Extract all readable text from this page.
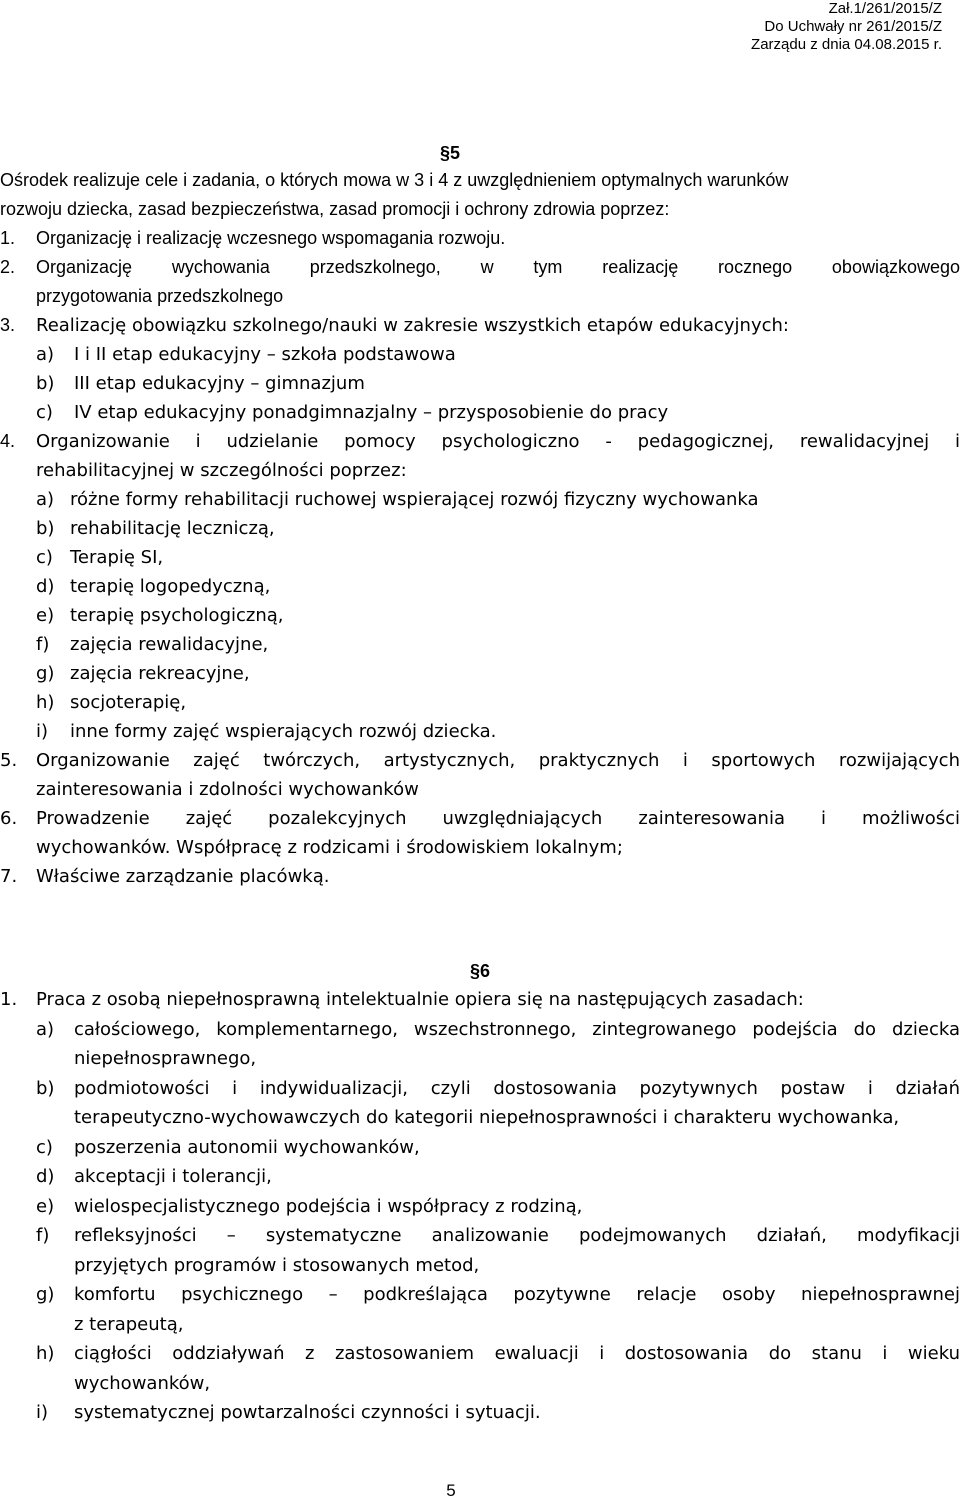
Zał.1/261/2015/Z
Do Uchwały nr 261/2015/Z
Zarządu z dnia 04.08.2015 r.
§5
Ośrodek realizuje cele i zadania, o których mowa w 3 i 4 z uwzględnieniem optymalnych warunków
rozwoju dziecka, zasad bezpieczeństwa, zasad promocji i ochrony zdrowia poprzez:
1. Organizację i realizację wczesnego wspomagania rozwoju.
2. Organizację wychowania przedszkolnego, w tym realizację rocznego obowiązkowego
przygotowania przedszkolnego
3. Realizację obowiązku szkolnego/nauki w zakresie wszystkich etapów edukacyjnych:
a) I i II etap edukacyjny – szkoła podstawowa
b) III etap edukacyjny – gimnazjum
c) IV etap edukacyjny ponadgimnazjalny – przysposobienie do pracy
4. Organizowanie i udzielanie pomocy psychologiczno - pedagogicznej, rewalidacyjnej i
rehabilitacyjnej w szczególności poprzez:
a) różne formy rehabilitacji ruchowej wspierającej rozwój fizyczny wychowanka
b) rehabilitację leczniczą,
c) Terapię SI,
d) terapię logopedyczną,
e) terapię psychologiczną,
f) zajęcia rewalidacyjne,
g) zajęcia rekreacyjne,
h) socjoterapię,
i) inne formy zajęć wspierających rozwój dziecka.
5. Organizowanie zajęć twórczych, artystycznych, praktycznych i sportowych rozwijających
zainteresowania i zdolności wychowanków
6. Prowadzenie zajęć pozalekcyjnych uwzględniających zainteresowania i możliwości
wychowanków. Współpracę z rodzicami i środowiskiem lokalnym;
7. Właściwe zarządzanie placówką.
§6
1. Praca z osobą niepełnosprawną intelektualnie opiera się na następujących zasadach:
a) całościowego, komplementarnego, wszechstronnego, zintegrowanego podejścia do dziecka
niepełnosprawnego,
b) podmiotowości i indywidualizacji, czyli dostosowania pozytywnych postaw i działań
terapeutyczno-wychowawczych do kategorii niepełnosprawności i charakteru wychowanka,
c) poszerzenia autonomii wychowanków,
d) akceptacji i tolerancji,
e) wielospecjalistycznego podejścia i współpracy z rodziną,
f) refleksyjności – systematyczne analizowanie podejmowanych działań, modyfikacji
przyjętych programów i stosowanych metod,
g) komfortu psychicznego – podkreślająca pozytywne relacje osoby niepełnosprawnej
z terapeutą,
h) ciągłości oddziaływań z zastosowaniem ewaluacji i dostosowania do stanu i wieku
wychowanków,
i) systematycznej powtarzalności czynności i sytuacji.
5
